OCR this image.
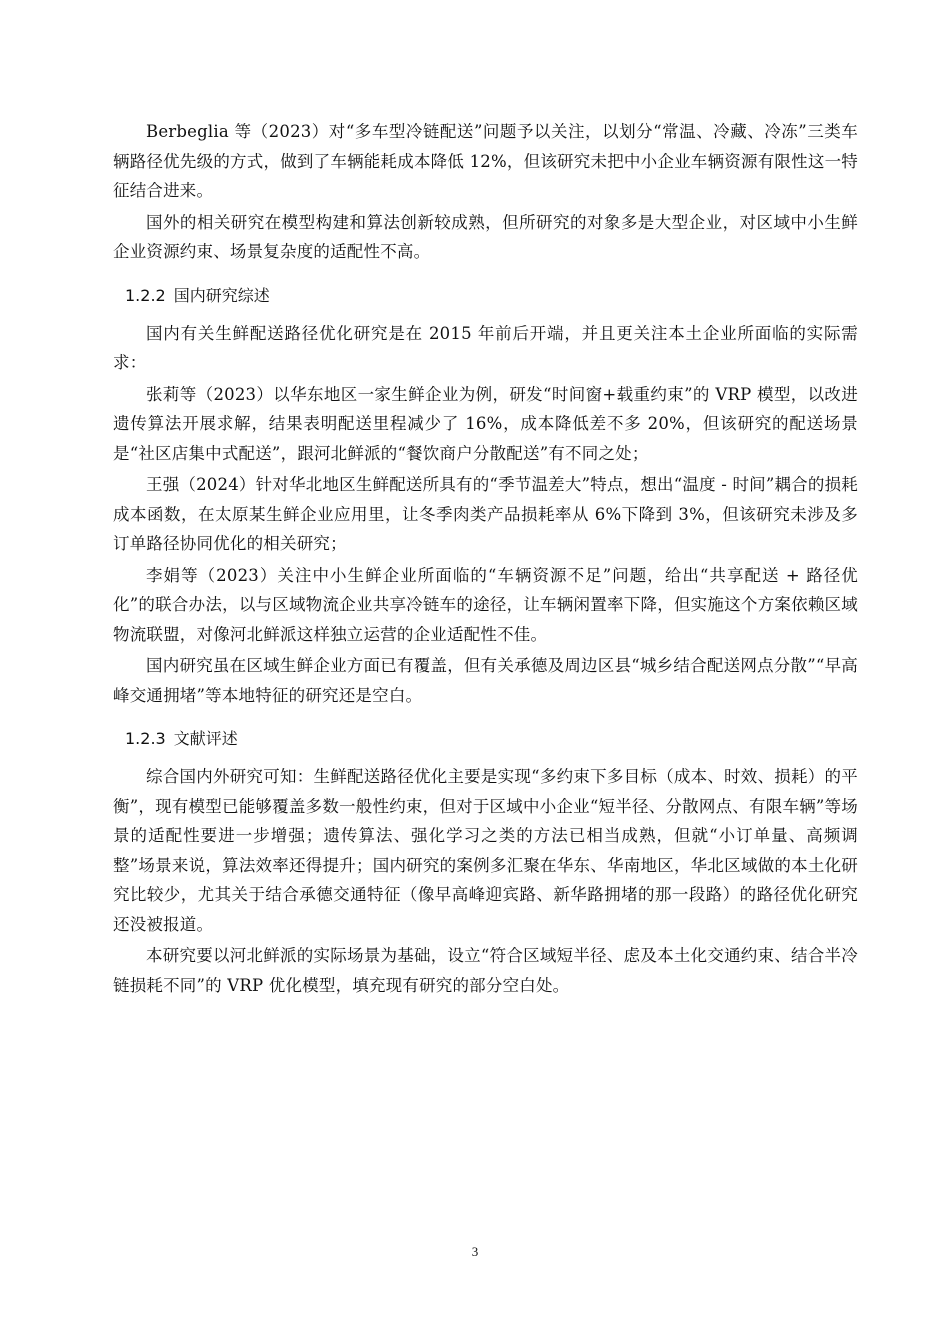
Berbeglia 等（2023）对“多车型冷链配送”问题予以关注，以划分“常温、冷藏、冷冻”三类车辆路径优先级的方式，做到了车辆能耗成本降低 12%，但该研究未把中小企业车辆资源有限性这一特征结合进来。

国外的相关研究在模型构建和算法创新较成熟，但所研究的对象多是大型企业，对区域中小生鲜企业资源约束、场景复杂度的适配性不高。

1.2.2 国内研究综述

国内有关生鲜配送路径优化研究是在 2015 年前后开端，并且更关注本土企业所面临的实际需求：

张莉等（2023）以华东地区一家生鲜企业为例，研发“时间窗+载重约束”的 VRP 模型，以改进遗传算法开展求解，结果表明配送里程减少了 16%，成本降低差不多 20%，但该研究的配送场景是“社区店集中式配送”，跟河北鲜派的“餐饮商户分散配送”有不同之处；

王强（2024）针对华北地区生鲜配送所具有的“季节温差大”特点，想出“温度 - 时间”耦合的损耗成本函数，在太原某生鲜企业应用里，让冬季肉类产品损耗率从 6%下降到 3%，但该研究未涉及多订单路径协同优化的相关研究；

李娟等（2023）关注中小生鲜企业所面临的“车辆资源不足”问题，给出“共享配送 + 路径优化”的联合办法，以与区域物流企业共享冷链车的途径，让车辆闲置率下降，但实施这个方案依赖区域物流联盟，对像河北鲜派这样独立运营的企业适配性不佳。

国内研究虽在区域生鲜企业方面已有覆盖，但有关承德及周边区县“城乡结合配送网点分散”“早高峰交通拥堵”等本地特征的研究还是空白。

1.2.3 文献评述

综合国内外研究可知：生鲜配送路径优化主要是实现“多约束下多目标（成本、时效、损耗）的平衡”，现有模型已能够覆盖多数一般性约束，但对于区域中小企业“短半径、分散网点、有限车辆”等场景的适配性要进一步增强；遗传算法、强化学习之类的方法已相当成熟，但就“小订单量、高频调整”场景来说，算法效率还得提升；国内研究的案例多汇聚在华东、华南地区，华北区域做的本土化研究比较少，尤其关于结合承德交通特征（像早高峰迎宾路、新华路拥堵的那一段路）的路径优化研究还没被报道。

本研究要以河北鲜派的实际场景为基础，设立“符合区域短半径、虑及本土化交通约束、结合半冷链损耗不同”的 VRP 优化模型，填充现有研究的部分空白处。

3
